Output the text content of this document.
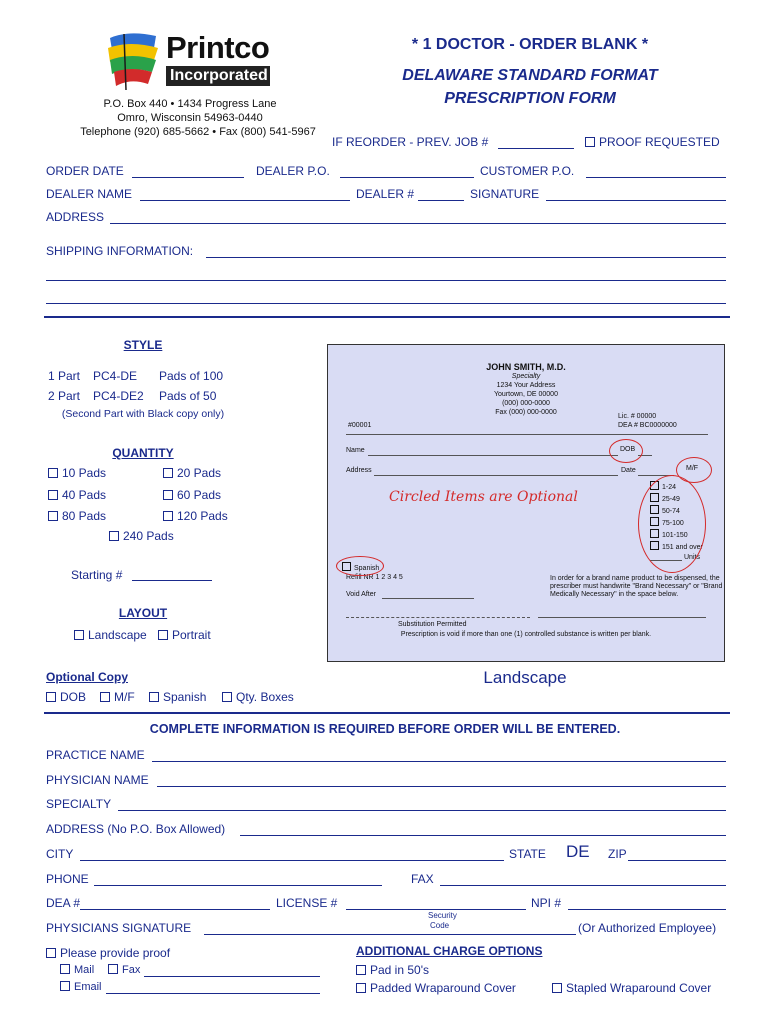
Printco
Incorporated
P.O. Box 440 • 1434 Progress Lane
Omro, Wisconsin 54963-0440
Telephone (920) 685-5662 • Fax (800) 541-5967
* 1 DOCTOR - ORDER BLANK *
DELAWARE STANDARD FORMAT
PRESCRIPTION FORM
IF REORDER - PREV. JOB #	PROOF REQUESTED
ORDER DATE	DEALER P.O.	CUSTOMER P.O.
DEALER NAME	DEALER #	SIGNATURE
ADDRESS
SHIPPING INFORMATION:
STYLE
1 Part PC4-DE Pads of 100
2 Part PC4-DE2 Pads of 50
(Second Part with Black copy only)
QUANTITY
10 Pads	20 Pads
40 Pads	60 Pads
80 Pads	120 Pads
240 Pads
Starting #
LAYOUT
Landscape	Portrait
JOHN SMITH, M.D.
Specialty
1234 Your Address
Yourtown, DE 00000
(000) 000-0000
Fax (000) 000-0000
#00001
Lic. # 00000
DEA # BC0000000
Name	DOB
Address	Date	M/F
Circled Items are Optional
1-24
25-49
50-74
75-100
101-150
151 and over
Units
Spanish
Refill NR 1 2 3 4 5
Void After
In order for a brand name product to be dispensed, the
prescriber must handwrite "Brand Necessary" or "Brand
Medically Necessary" in the space below.
Substitution Permitted
Prescription is void if more than one (1) controlled substance is written per blank.
Landscape
Optional Copy
DOB	M/F	Spanish	Qty. Boxes
COMPLETE INFORMATION IS REQUIRED BEFORE ORDER WILL BE ENTERED.
PRACTICE NAME
PHYSICIAN NAME
SPECIALTY
ADDRESS (No P.O. Box Allowed)
CITY	STATE DE ZIP
PHONE	FAX
DEA #	LICENSE #	NPI #
PHYSICIANS SIGNATURE
Security
Code	(Or Authorized Employee)
Please provide proof
Mail	Fax
Email
ADDITIONAL CHARGE OPTIONS
Pad in 50's
Padded Wraparound Cover	Stapled Wraparound Cover
